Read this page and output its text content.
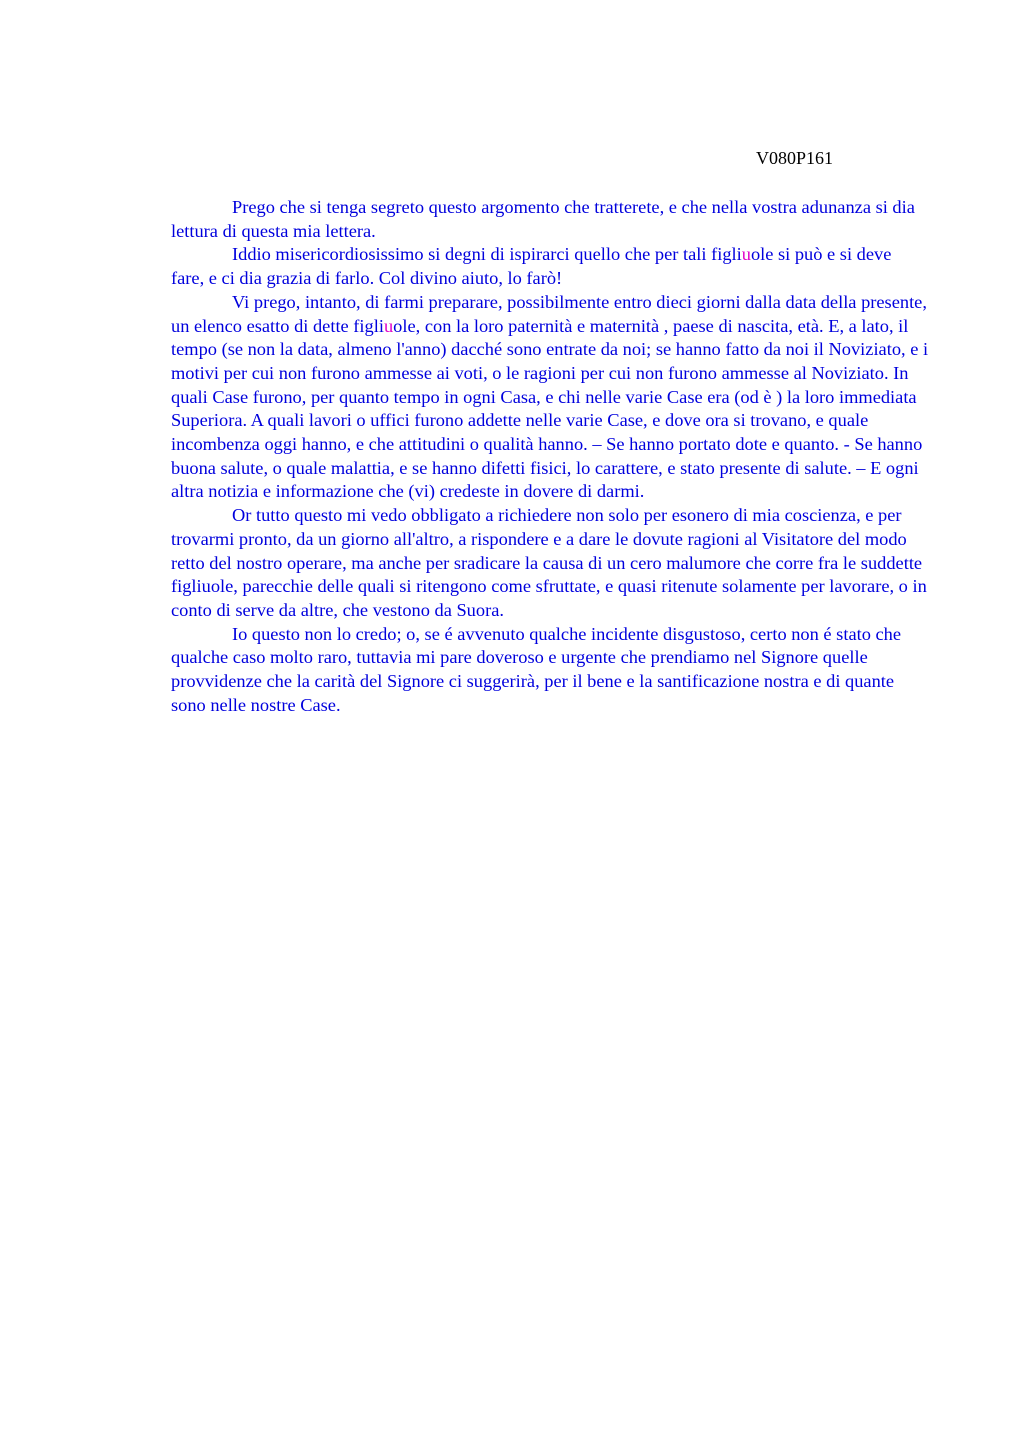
V080P161

Prego che si tenga segreto questo argomento che tratterete, e che nella vostra adunanza si dia lettura di questa mia lettera.

Iddio misericordiosissimo si degni di ispirarci quello che per tali figliuole si può e si deve fare, e ci dia grazia di farlo. Col divino aiuto, lo farò!

Vi prego, intanto, di farmi preparare, possibilmente entro dieci giorni dalla data della presente, un elenco esatto di dette figliuole, con la loro paternità e maternità , paese di nascita, età. E, a lato, il tempo (se non la data, almeno l'anno) dacché sono entrate da noi; se hanno fatto da noi il Noviziato, e i motivi per cui non furono ammesse ai voti, o le ragioni per cui non furono ammesse al Noviziato. In quali Case furono, per quanto tempo in ogni Casa, e chi nelle varie Case era (od è ) la loro immediata Superiora. A quali lavori o uffici furono addette nelle varie Case, e dove ora si trovano, e quale incombenza oggi hanno, e che attitudini o qualità hanno. – Se hanno portato dote e quanto. - Se hanno buona salute, o quale malattia, e se hanno difetti fisici, lo carattere, e stato presente di salute. – E ogni altra notizia e informazione che (vi) credeste in dovere di darmi.

Or tutto questo mi vedo obbligato a richiedere non solo per esonero di mia coscienza, e per trovarmi pronto, da un giorno all'altro, a rispondere e a dare le dovute ragioni al Visitatore del modo retto del nostro operare, ma anche per sradicare la causa di un cero malumore che corre fra le suddette figliuole, parecchie delle quali si ritengono come sfruttate, e quasi ritenute solamente per lavorare, o in conto di serve da altre, che vestono da Suora.

Io questo non lo credo; o, se é avvenuto qualche incidente disgustoso, certo non é stato che qualche caso molto raro, tuttavia mi pare doveroso e urgente che prendiamo nel Signore quelle provvidenze che la carità del Signore ci suggerirà, per il bene e la santificazione nostra e di quante sono nelle nostre Case.
